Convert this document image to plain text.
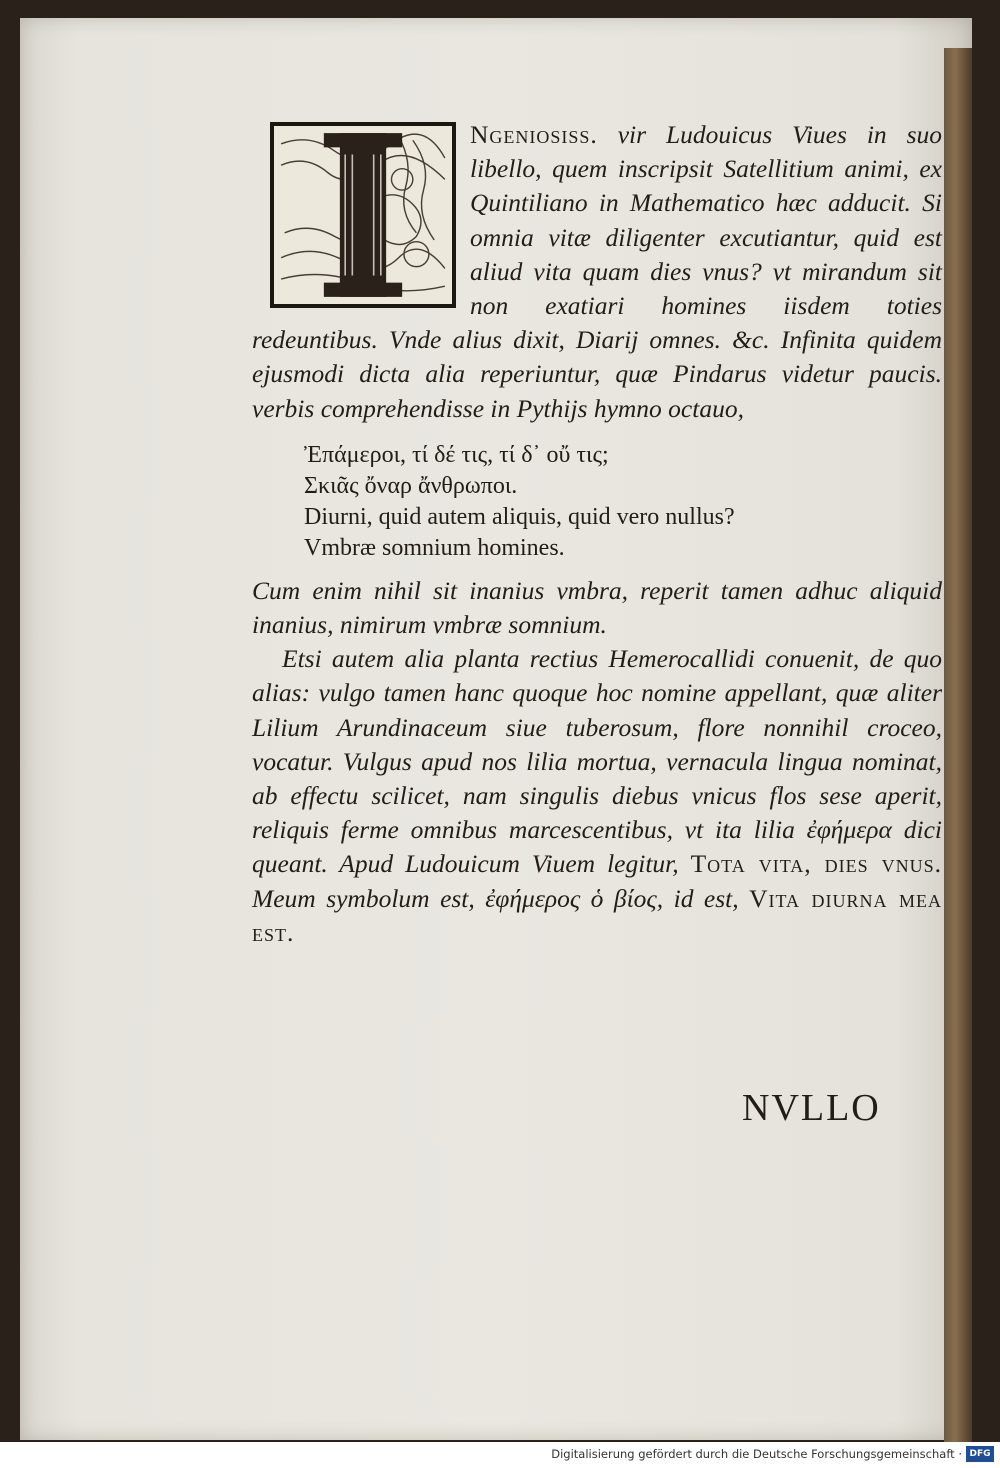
Ngeniosiss. vir Ludouicus Viues in suo libello, quem inscripsit Satellitium animi, ex Quintiliano in Mathematico hæc adducit. Si omnia vitæ diligenter excutiantur, quid est aliud vita quam dies vnus? vt mirandum sit non exatiari homines iisdem toties redeuntibus. Vnde alius dixit, Diarij omnes. &c. Infinita quidem ejusmodi dicta alia reperiuntur, quæ Pindarus videtur paucis. verbis comprehendisse in Pythijs hymno octauo,

Ἐπάμεροι, τί δέ τις, τί δ᾽ οὔ τις;
Σκιᾶς ὄναρ ἄνθρωποι.
Diurni, quid autem aliquis, quid vero nullus?
Vmbræ somnium homines.

Cum enim nihil sit inanius vmbra, reperit tamen adhuc aliquid inanius, nimirum vmbræ somnium.

Etsi autem alia planta rectius Hemerocallidi conuenit, de quo alias: vulgo tamen hanc quoque hoc nomine appellant, quæ aliter Lilium Arundinaceum siue tuberosum, flore nonnihil croceo, vocatur. Vulgus apud nos lilia mortua, vernacula lingua nominat, ab effectu scilicet, nam singulis diebus vnicus flos sese aperit, reliquis ferme omnibus marcescentibus, vt ita lilia ἐφήμερα dici queant. Apud Ludouicum Viuem legitur, Tota vita, dies vnus. Meum symbolum est, ἐφήμερος ὁ βίος, id est, Vita diurna mea est.

NVLLO
Digitalisierung gefördert durch die Deutsche Forschungsgemeinschaft · DFG
